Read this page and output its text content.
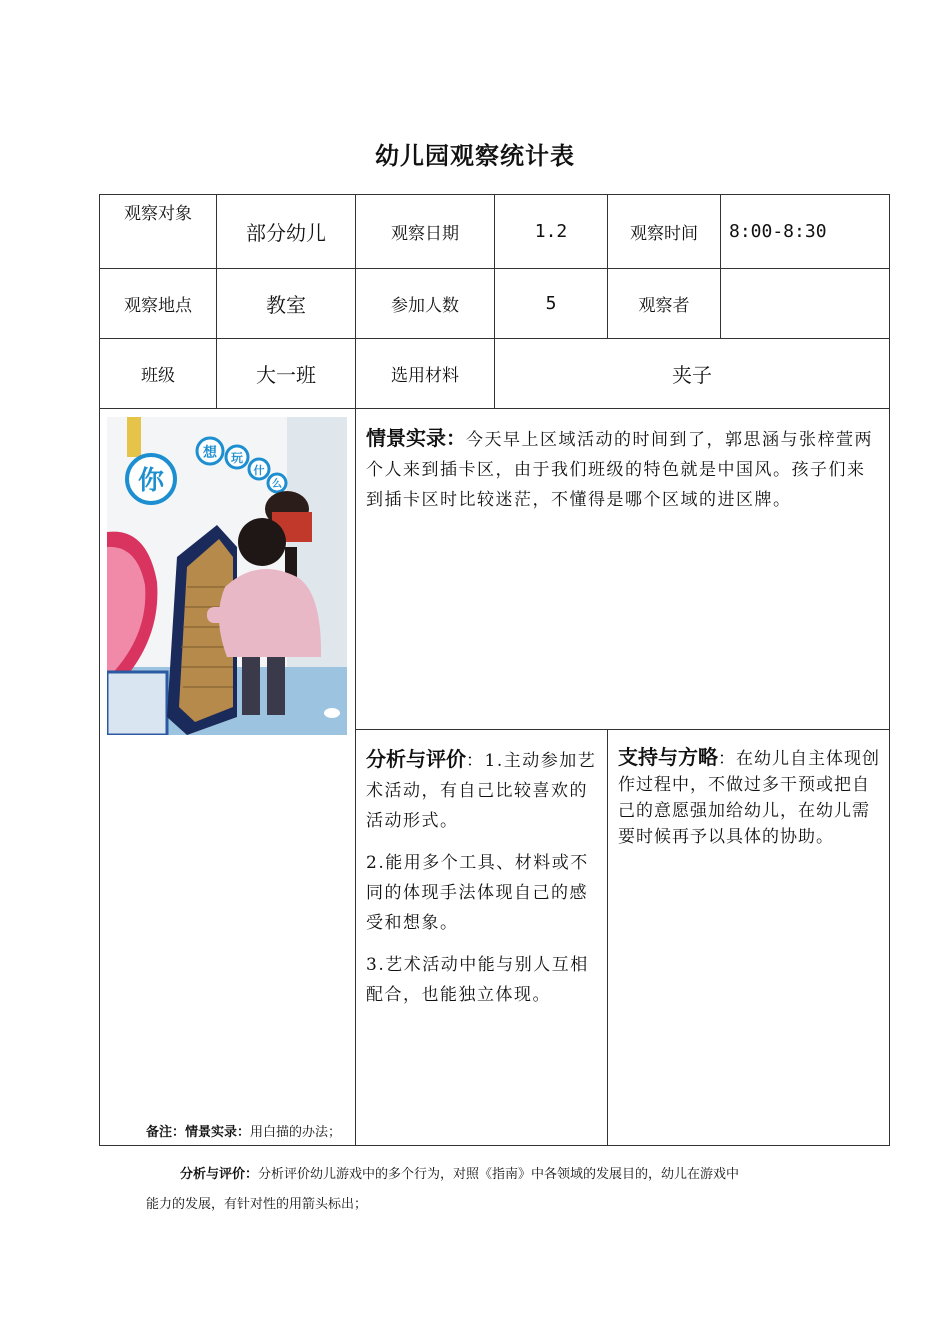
幼儿园观察统计表
观察对象	部分幼儿	观察日期	1.2	观察时间	8:00-8:30
观察地点	教室	参加人数	5	观察者	
班级	大一班	选用材料	夹子		

你
想 玩
什
么		情景实录：今天早上区域活动的时间到了，郭思涵与张梓萱两个人来到插卡区，由于我们班级的特色就是中国风。孩子们来到插卡区时比较迷茫，不懂得是哪个区域的进区牌。			

		分析与评价：1.主动参加艺术活动，有自己比较喜欢的活动形式。

2.能用多个工具、材料或不同的体现手法体现自己的感受和想象。

3.艺术活动中能与别人互相配合，也能独立体现。		支持与方略：在幼儿自主体现创作过程中，不做过多干预或把自己的意愿强加给幼儿，在幼儿需要时候再予以具体的协助。	
备注：情景实录：用白描的办法；
分析与评价：分析评价幼儿游戏中的多个行为，对照《指南》中各领域的发展目的，幼儿在游戏中
能力的发展，有针对性的用箭头标出；
